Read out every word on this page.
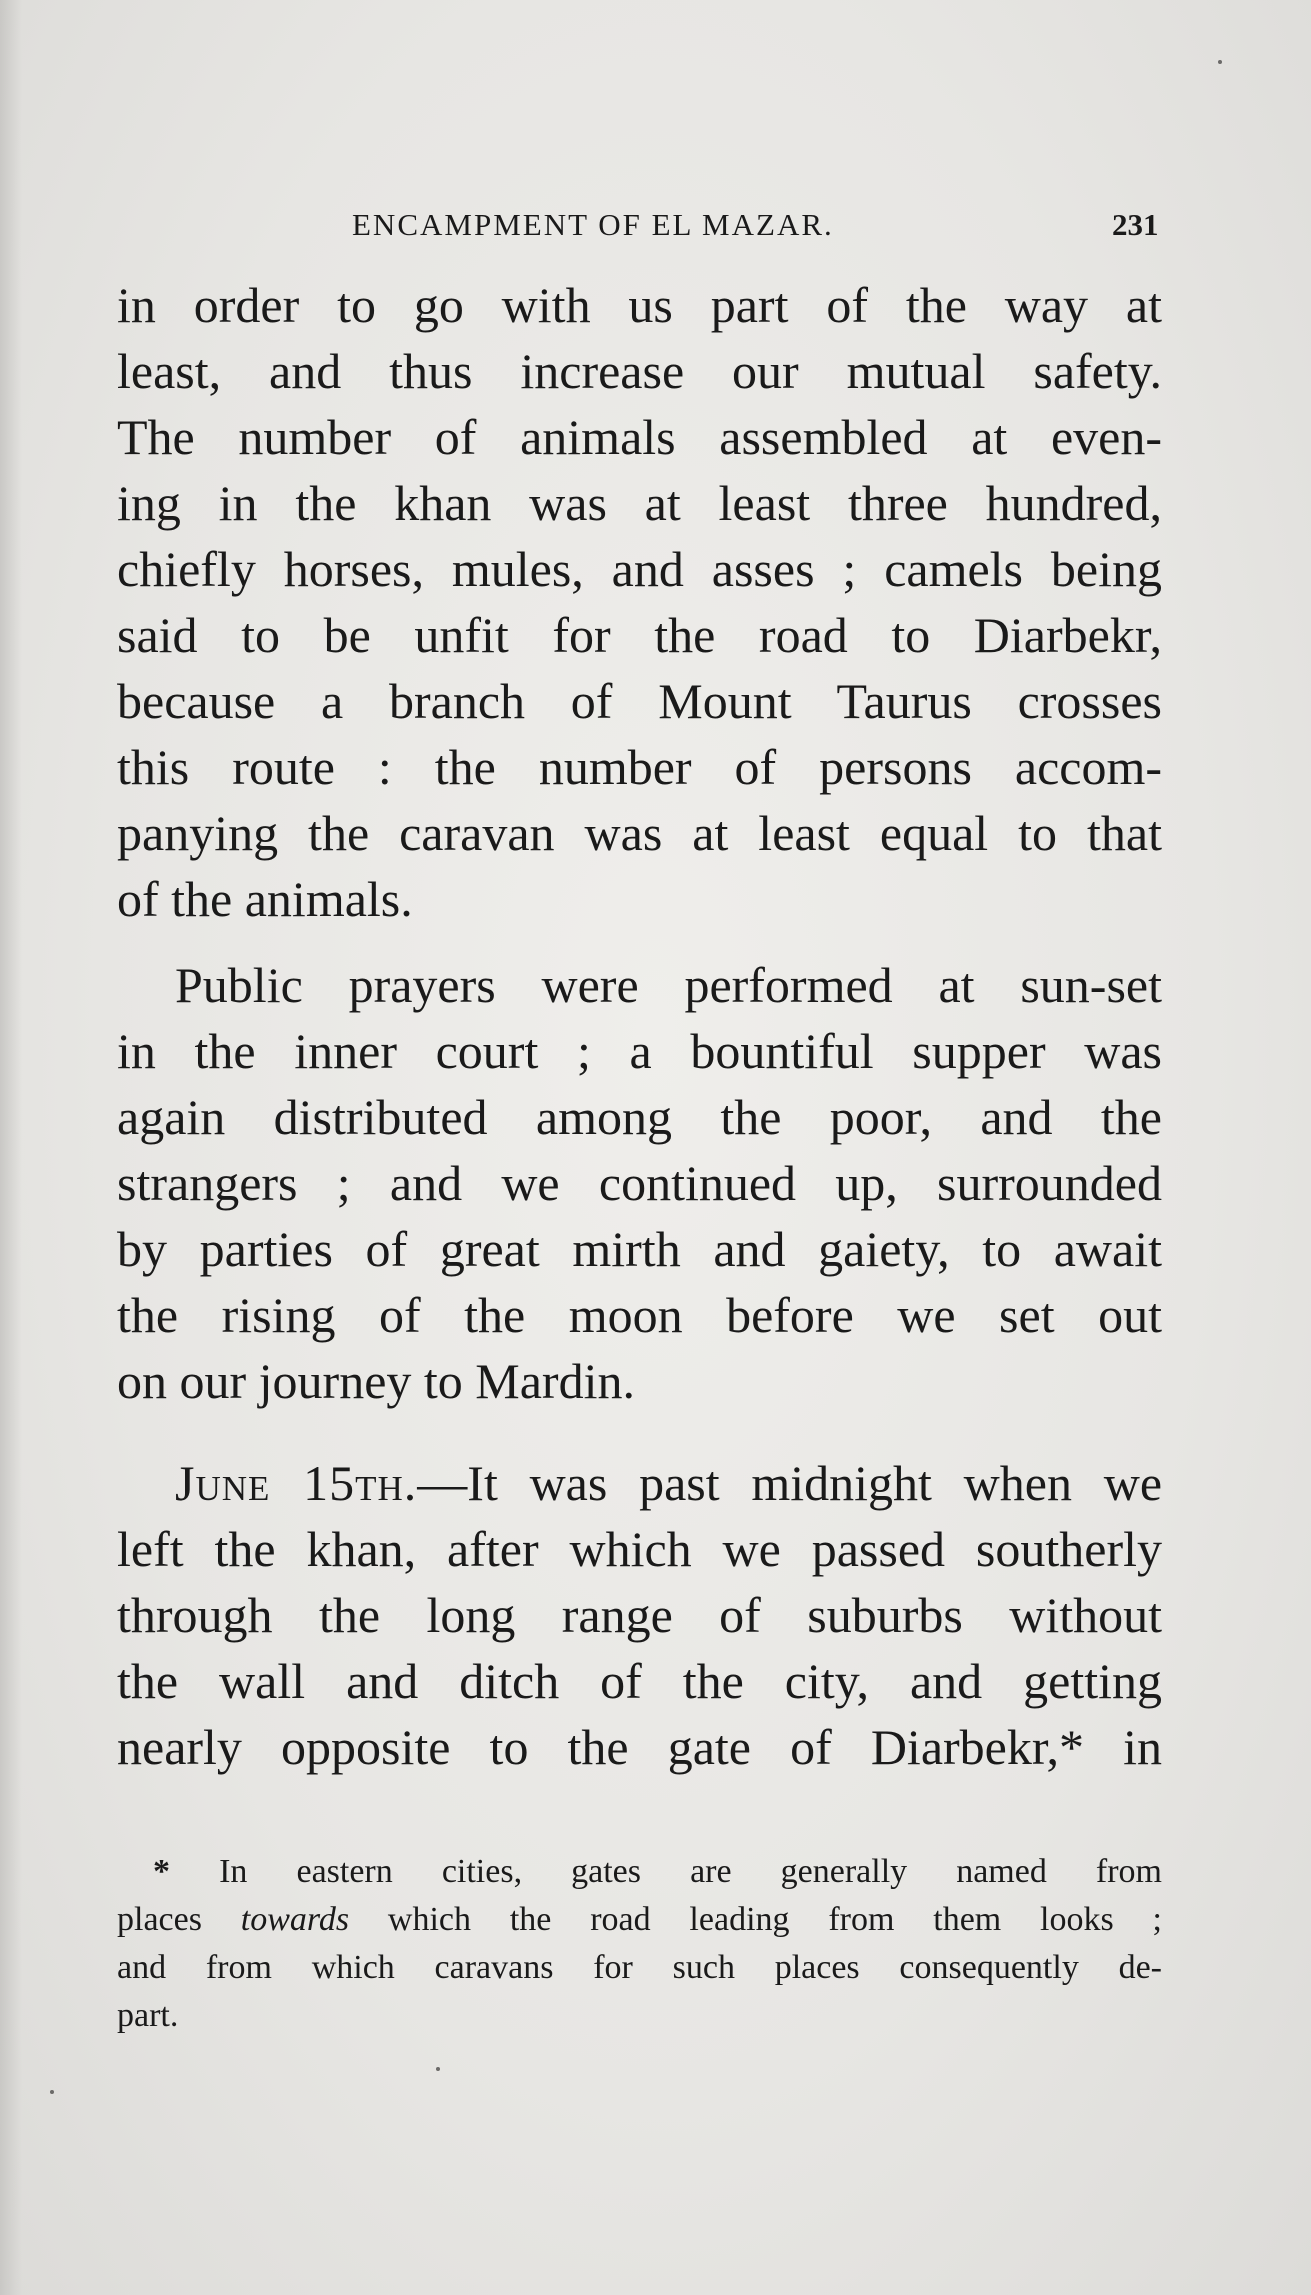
ENCAMPMENT OF EL MAZAR.	231
in order to go with us part of the way at
least, and thus increase our mutual safety.
The number of animals assembled at even-
ing in the khan was at least three hundred,
chiefly horses, mules, and asses ; camels being
said to be unfit for the road to Diarbekr,
because a branch of Mount Taurus crosses
this route : the number of persons accom-
panying the caravan was at least equal to that
of the animals.
Public prayers were performed at sun-set
in the inner court ; a bountiful supper was
again distributed among the poor, and the
strangers ; and we continued up, surrounded
by parties of great mirth and gaiety, to await
the rising of the moon before we set out
on our journey to Mardin.
June 15th.—It was past midnight when we
left the khan, after which we passed southerly
through the long range of suburbs without
the wall and ditch of the city, and getting
nearly opposite to the gate of Diarbekr,* in
* In eastern cities, gates are generally named from
places towards which the road leading from them looks ;
and from which caravans for such places consequently de-
part.
